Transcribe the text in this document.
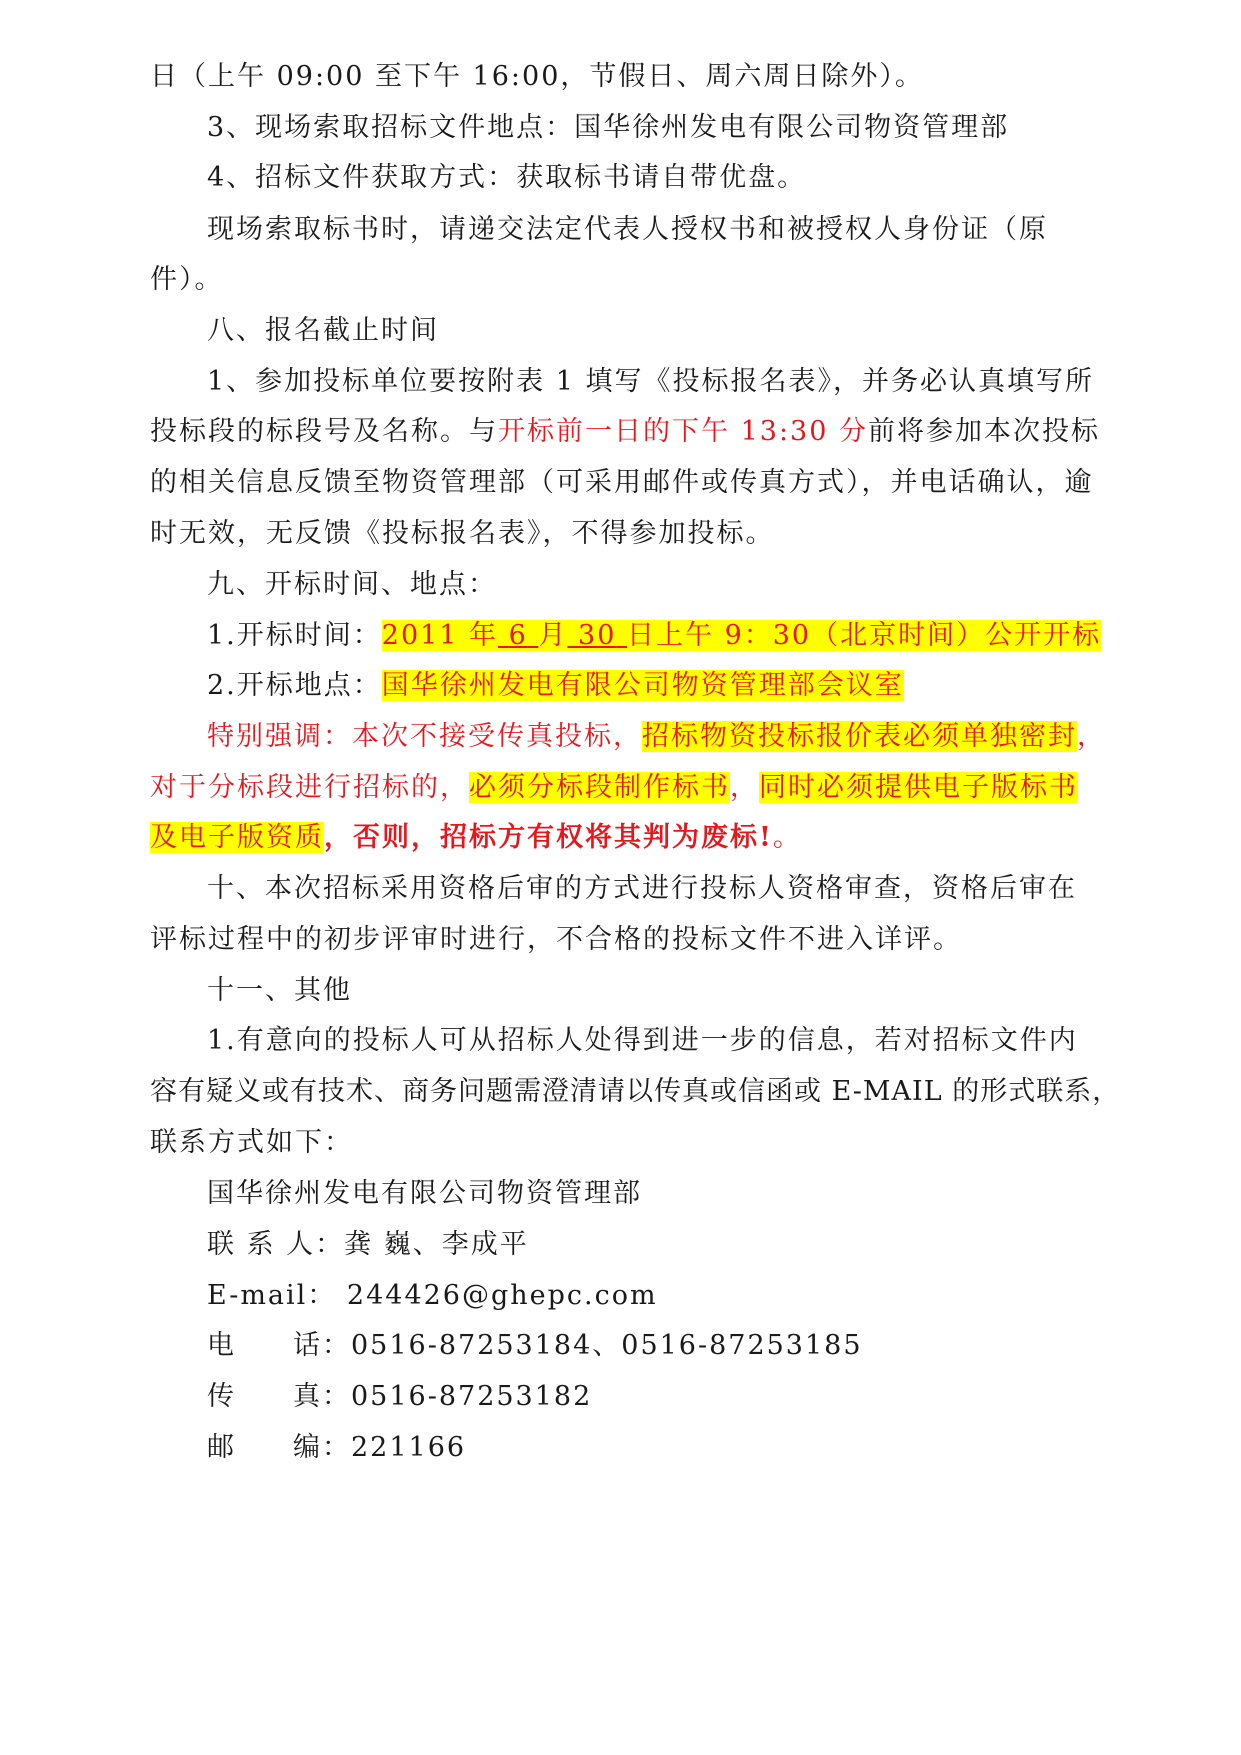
日（上午 09:00 至下午 16:00，节假日、周六周日除外）。
3、现场索取招标文件地点：国华徐州发电有限公司物资管理部
4、招标文件获取方式：获取标书请自带优盘。
现场索取标书时，请递交法定代表人授权书和被授权人身份证（原
件）。
八、报名截止时间
1、参加投标单位要按附表 1 填写《投标报名表》，并务必认真填写所
投标段的标段号及名称。与开标前一日的下午 13:30 分前将参加本次投标
的相关信息反馈至物资管理部（可采用邮件或传真方式），并电话确认，逾
时无效，无反馈《投标报名表》，不得参加投标。
九、开标时间、地点：
1.开标时间：2011 年 6 月 30 日上午 9：30（北京时间）公开开标
2.开标地点：国华徐州发电有限公司物资管理部会议室
特别强调：本次不接受传真投标，招标物资投标报价表必须单独密封，
对于分标段进行招标的，必须分标段制作标书，同时必须提供电子版标书
及电子版资质，否则，招标方有权将其判为废标!。
十、本次招标采用资格后审的方式进行投标人资格审查，资格后审在
评标过程中的初步评审时进行，不合格的投标文件不进入详评。
十一、其他
1.有意向的投标人可从招标人处得到进一步的信息，若对招标文件内
容有疑义或有技术、商务问题需澄清请以传真或信函或 E-MAIL 的形式联系，
联系方式如下：
国华徐州发电有限公司物资管理部
联 系 人：龚 巍、李成平
E-mail： 244426@ghepc.com
电 话：0516-87253184、0516-87253185
传 真：0516-87253182
邮 编：221166
